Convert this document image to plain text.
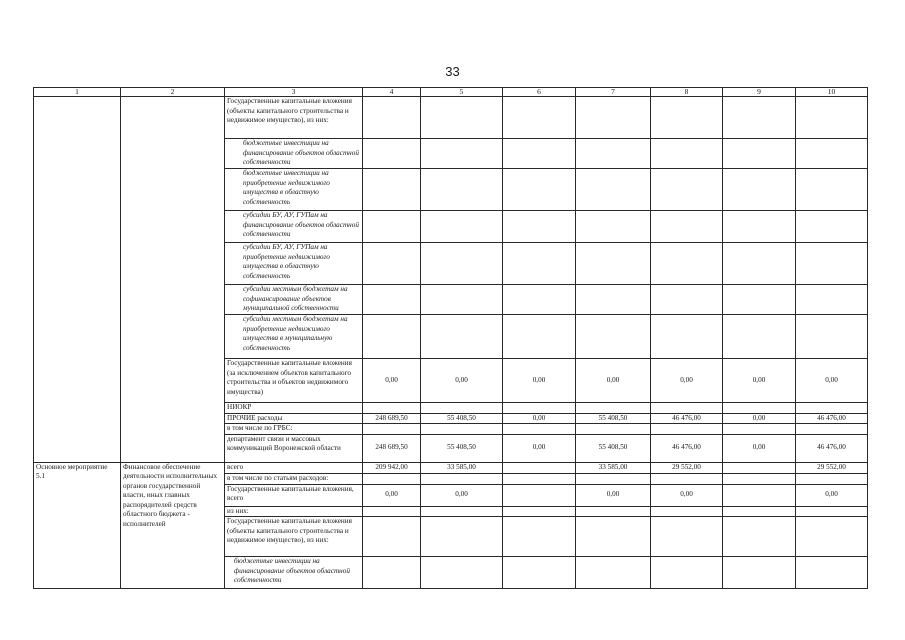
33
1	2	3	4	5	6	7	8	9	10
		Государственные капитальные вложения (объекты капитального строительства и недвижимое имущество), из них:							
		бюджетные инвестиции на финансирование объектов областной собственности							
		бюджетные инвестиции на приобретение недвижимого имущества в областную собственность							
		субсидии БУ, АУ, ГУПам на финансирование объектов областной собственности							
		субсидии БУ, АУ, ГУПам на приобретение недвижимого имущества в областную собственность							
		субсидии местным бюджетам на софинансирование объектов муниципальной собственности							
		субсидии местным бюджетам на приобретение недвижимого имущества в муниципальную собственность							
		Государственные капитальные вложения (за исключением объектов капитального строительства и объектов недвижимого имущества)	0,00	0,00	0,00	0,00	0,00	0,00	0,00
		НИОКР							
		ПРОЧИЕ расходы	248 689,50	55 408,50	0,00	55 408,50	46 476,00	0,00	46 476,00
		в том числе по ГРБС:							
		департамент связи и массовых коммуникаций Воронежской области	248 689,50	55 408,50	0,00	55 408,50	46 476,00	0,00	46 476,00
Основное мероприятие 5.1	Финансовое обеспечение деятельности исполнительных органов государственной власти, иных главных распорядителей средств областного бюджета - исполнителей	всего	209 942,00	33 585,00		33 585,00	29 552,00		29 552,00
		в том числе по статьям расходов:							
		Государственные капитальные вложения, всего	0,00	0,00		0,00	0,00		0,00
		из них:							
		Государственные капитальные вложения (объекты капитального строительства и недвижимое имущество), из них:							
		бюджетные инвестиции на финансирование объектов областной собственности							
